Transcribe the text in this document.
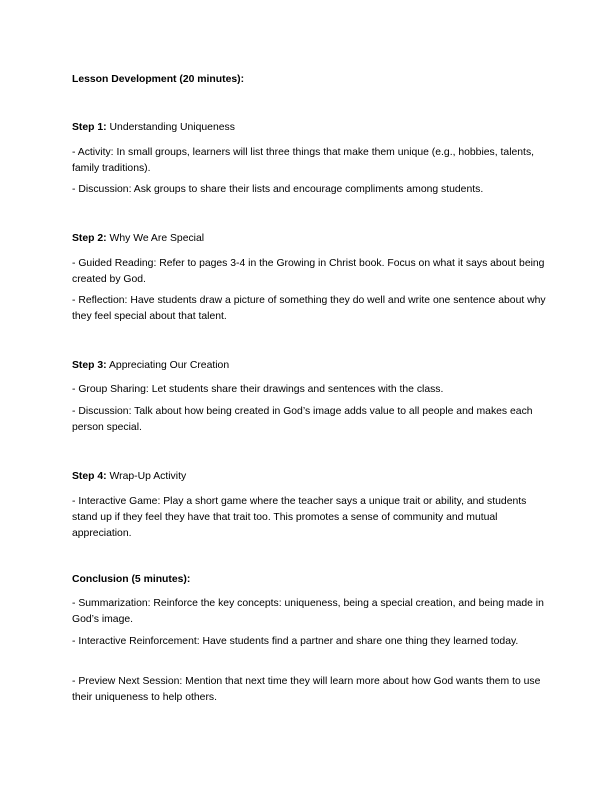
Lesson Development (20 minutes):
Step 1: Understanding Uniqueness
- Activity: In small groups, learners will list three things that make them unique (e.g., hobbies, talents, family traditions).
- Discussion: Ask groups to share their lists and encourage compliments among students.
Step 2: Why We Are Special
- Guided Reading: Refer to pages 3-4 in the Growing in Christ book. Focus on what it says about being created by God.
- Reflection: Have students draw a picture of something they do well and write one sentence about why they feel special about that talent.
Step 3: Appreciating Our Creation
- Group Sharing: Let students share their drawings and sentences with the class.
- Discussion: Talk about how being created in God’s image adds value to all people and makes each person special.
Step 4: Wrap-Up Activity
- Interactive Game: Play a short game where the teacher says a unique trait or ability, and students stand up if they feel they have that trait too. This promotes a sense of community and mutual appreciation.
Conclusion (5 minutes):
- Summarization: Reinforce the key concepts: uniqueness, being a special creation, and being made in God’s image.
- Interactive Reinforcement: Have students find a partner and share one thing they learned today.
- Preview Next Session: Mention that next time they will learn more about how God wants them to use their uniqueness to help others.
